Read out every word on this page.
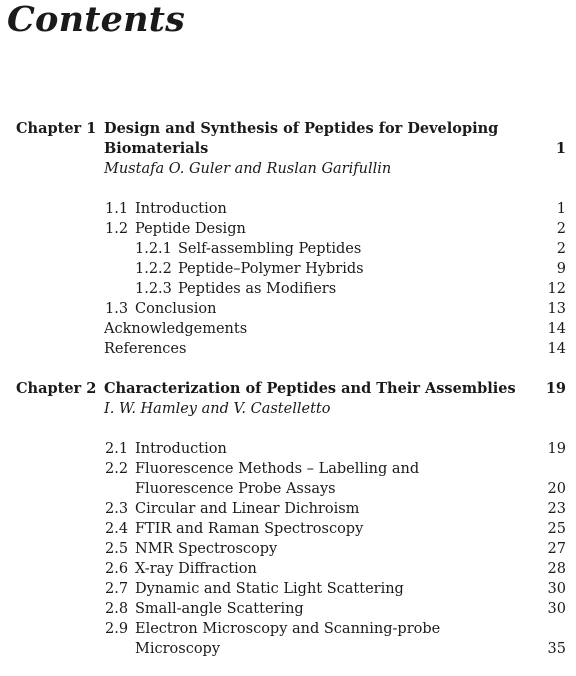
Contents
Chapter 1 Design and Synthesis of Peptides for Developing
Biomaterials	1
Mustafa O. Guler and Ruslan Garifullin
1.1 Introduction	1
1.2 Peptide Design	2
1.2.1 Self-assembling Peptides	2
1.2.2 Peptide–Polymer Hybrids	9
1.2.3 Peptides as Modifiers	12
1.3 Conclusion	13
Acknowledgements	14
References	14
Chapter 2 Characterization of Peptides and Their Assemblies 19
I. W. Hamley and V. Castelletto
2.1 Introduction	19
2.2 Fluorescence Methods – Labelling and
Fluorescence Probe Assays	20
2.3 Circular and Linear Dichroism	23
2.4 FTIR and Raman Spectroscopy	25
2.5 NMR Spectroscopy	27
2.6 X-ray Diffraction	28
2.7 Dynamic and Static Light Scattering	30
2.8 Small-angle Scattering	30
2.9 Electron Microscopy and Scanning-probe
Microscopy	35
